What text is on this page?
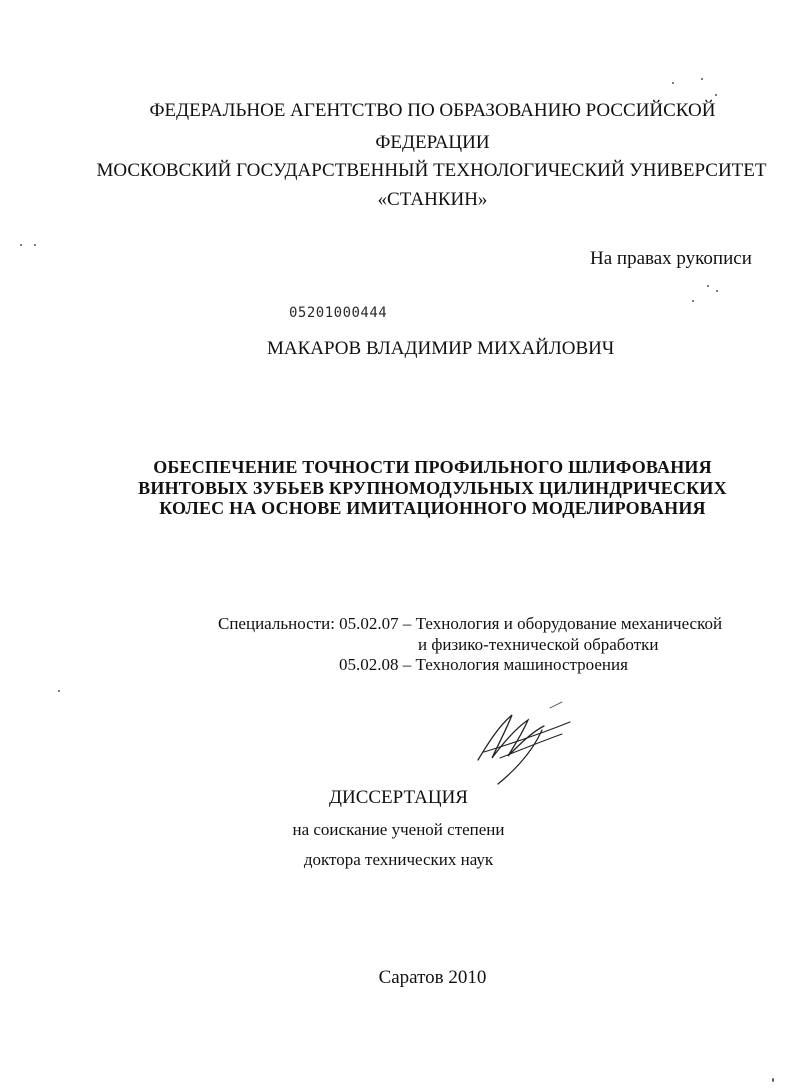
ФЕДЕРАЛЬНОЕ АГЕНТСТВО ПО ОБРАЗОВАНИЮ РОССИЙСКОЙ
ФЕДЕРАЦИИ
МОСКОВСКИЙ ГОСУДАРСТВЕННЫЙ ТЕХНОЛОГИЧЕСКИЙ УНИВЕРСИТЕТ
«СТАНКИН»
На правах рукописи
05201000444
МАКАРОВ ВЛАДИМИР МИХАЙЛОВИЧ
ОБЕСПЕЧЕНИЕ ТОЧНОСТИ ПРОФИЛЬНОГО ШЛИФОВАНИЯ
ВИНТОВЫХ ЗУБЬЕВ КРУПНОМОДУЛЬНЫХ ЦИЛИНДРИЧЕСКИХ
КОЛЕС НА ОСНОВЕ ИМИТАЦИОННОГО МОДЕЛИРОВАНИЯ
Специальности: 05.02.07 – Технология и оборудование механической
и физико-технической обработки
05.02.08 – Технология машиностроения
ДИССЕРТАЦИЯ
на соискание ученой степени
доктора технических наук
Саратов 2010
